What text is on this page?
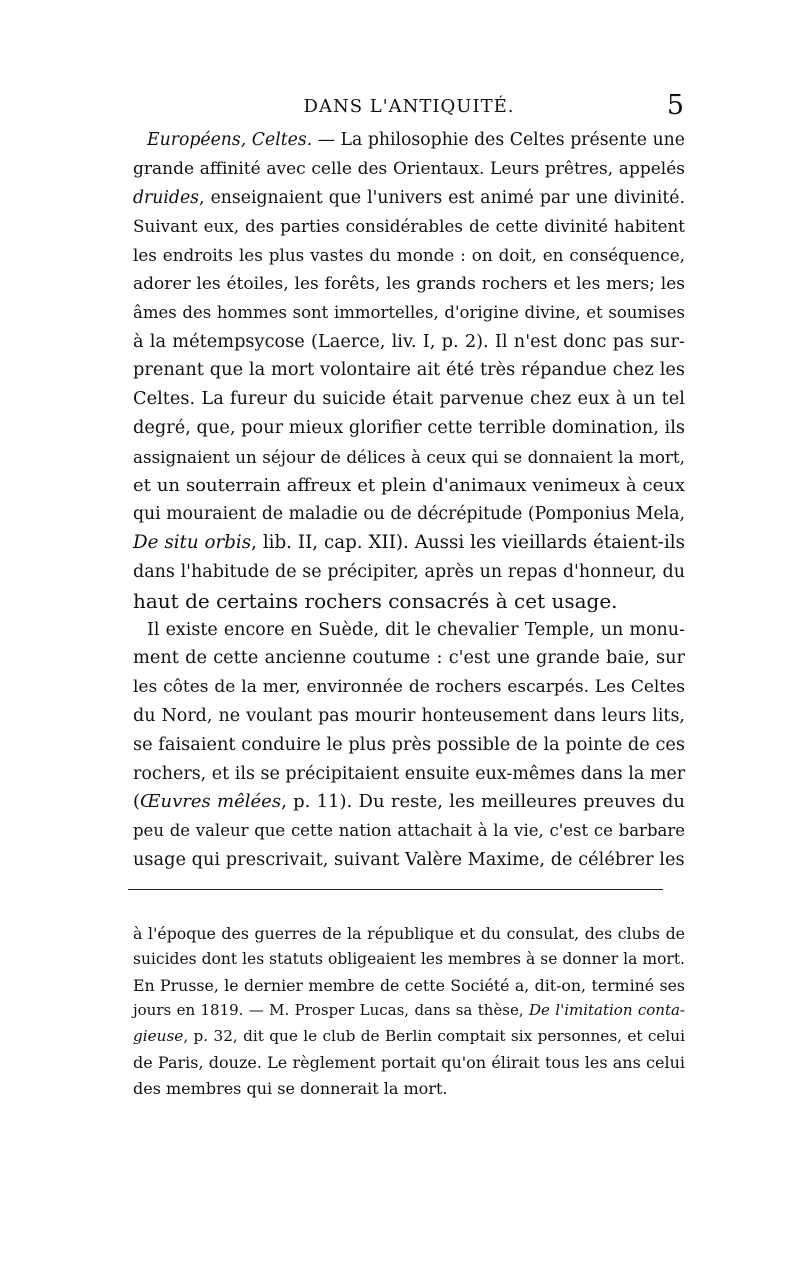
DANS L'ANTIQUITÉ.	5
Européens, Celtes. — La philosophie des Celtes présente une
grande affinité avec celle des Orientaux. Leurs prêtres, appelés
druides, enseignaient que l'univers est animé par une divinité.
Suivant eux, des parties considérables de cette divinité habitent
les endroits les plus vastes du monde : on doit, en conséquence,
adorer les étoiles, les forêts, les grands rochers et les mers; les
âmes des hommes sont immortelles, d'origine divine, et soumises
à la métempsycose (Laerce, liv. I, p. 2). Il n'est donc pas sur-
prenant que la mort volontaire ait été très répandue chez les
Celtes. La fureur du suicide était parvenue chez eux à un tel
degré, que, pour mieux glorifier cette terrible domination, ils
assignaient un séjour de délices à ceux qui se donnaient la mort,
et un souterrain affreux et plein d'animaux venimeux à ceux
qui mouraient de maladie ou de décrépitude (Pomponius Mela,
De situ orbis, lib. II, cap. XII). Aussi les vieillards étaient-ils
dans l'habitude de se précipiter, après un repas d'honneur, du
haut de certains rochers consacrés à cet usage.
Il existe encore en Suède, dit le chevalier Temple, un monu-
ment de cette ancienne coutume : c'est une grande baie, sur
les côtes de la mer, environnée de rochers escarpés. Les Celtes
du Nord, ne voulant pas mourir honteusement dans leurs lits,
se faisaient conduire le plus près possible de la pointe de ces
rochers, et ils se précipitaient ensuite eux-mêmes dans la mer
(Œuvres mêlées, p. 11). Du reste, les meilleures preuves du
peu de valeur que cette nation attachait à la vie, c'est ce barbare
usage qui prescrivait, suivant Valère Maxime, de célébrer les
à l'époque des guerres de la république et du consulat, des clubs de
suicides dont les statuts obligeaient les membres à se donner la mort.
En Prusse, le dernier membre de cette Société a, dit-on, terminé ses
jours en 1819. — M. Prosper Lucas, dans sa thèse, De l'imitation conta-
gieuse, p. 32, dit que le club de Berlin comptait six personnes, et celui
de Paris, douze. Le règlement portait qu'on élirait tous les ans celui
des membres qui se donnerait la mort.
